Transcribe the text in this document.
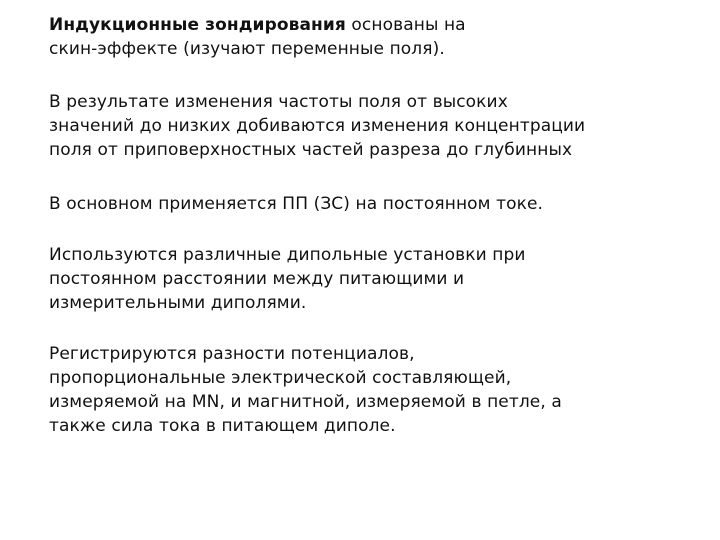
Индукционные зондирования основаны на
скин-эффекте (изучают переменные поля).

В результате изменения частоты поля от высоких
значений до низких добиваются изменения концентрации
поля от приповерхностных частей разреза до глубинных

В основном применяется ПП (ЗС) на постоянном токе.

Используются различные дипольные установки при
постоянном расстоянии между питающими и
измерительными диполями.

Регистрируются разности потенциалов,
пропорциональные электрической составляющей,
измеряемой на MN, и магнитной, измеряемой в петле, а
также сила тока в питающем диполе.
